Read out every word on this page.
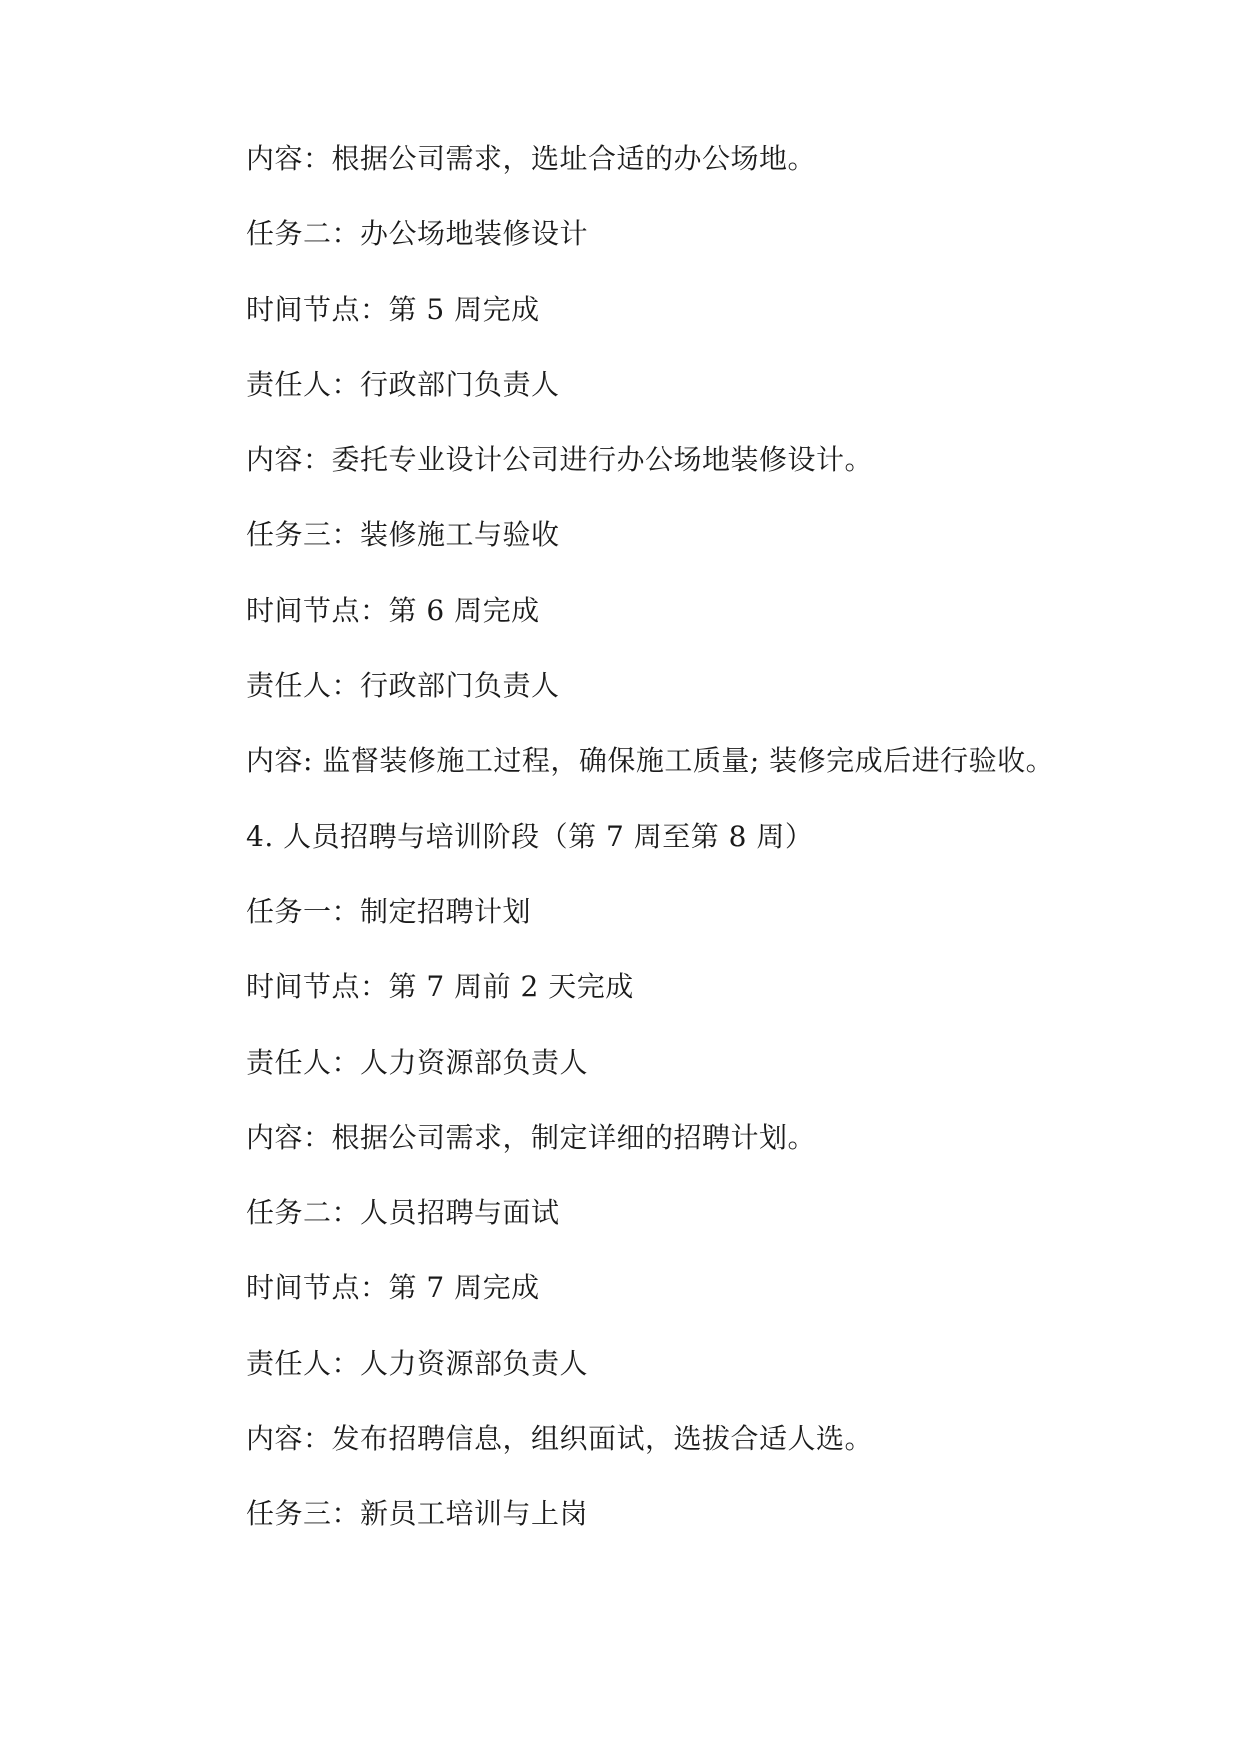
内容：根据公司需求，选址合适的办公场地。
任务二：办公场地装修设计
时间节点：第 5 周完成
责任人：行政部门负责人
内容：委托专业设计公司进行办公场地装修设计。
任务三：装修施工与验收
时间节点：第 6 周完成
责任人：行政部门负责人
内容: 监督装修施工过程，确保施工质量; 装修完成后进行验收。
4. 人员招聘与培训阶段（第 7 周至第 8 周）
任务一：制定招聘计划
时间节点：第 7 周前 2 天完成
责任人：人力资源部负责人
内容：根据公司需求，制定详细的招聘计划。
任务二：人员招聘与面试
时间节点：第 7 周完成
责任人：人力资源部负责人
内容：发布招聘信息，组织面试，选拔合适人选。
任务三：新员工培训与上岗
